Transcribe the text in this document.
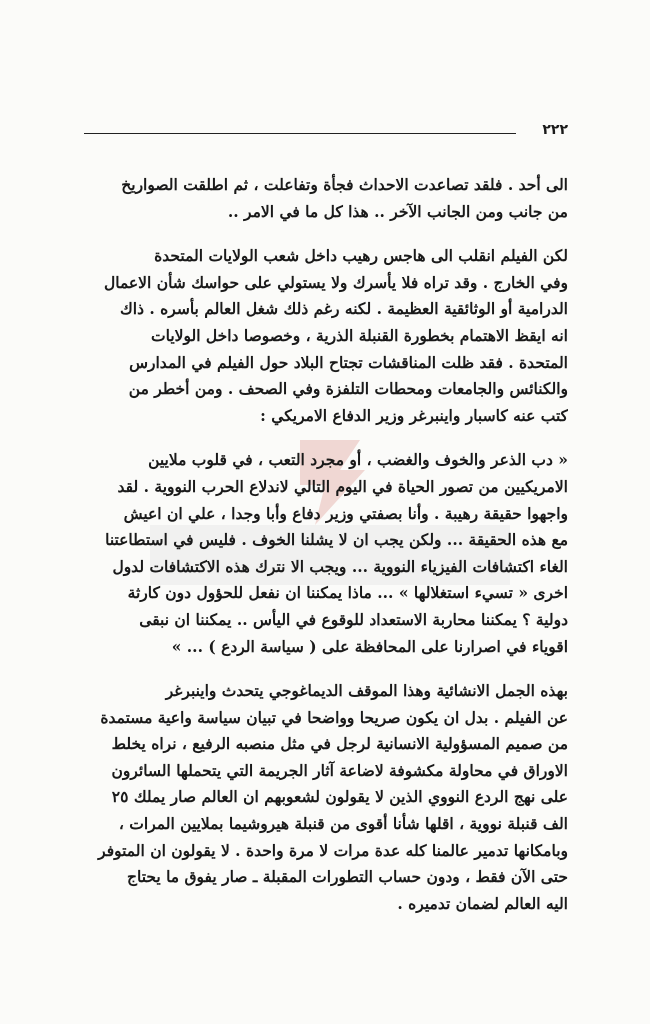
٢٢٢

الى أحد . فلقد تصاعدت الاحداث فجأة وتفاعلت ، ثم اطلقت الصواريخ
من جانب ومن الجانب الآخر .. هذا كل ما في الامر ..

لكن الفيلم انقلب الى هاجس رهيب داخل شعب الولايات المتحدة
وفي الخارج . وقد تراه فلا يأسرك ولا يستولي على حواسك شأن الاعمال
الدرامية أو الوثائقية العظيمة . لكنه رغم ذلك شغل العالم بأسره . ذاك
انه ايقظ الاهتمام بخطورة القنبلة الذرية ، وخصوصا داخل الولايات
المتحدة . فقد ظلت المناقشات تجتاح البلاد حول الفيلم في المدارس
والكنائس والجامعات ومحطات التلفزة وفي الصحف . ومن أخطر من
كتب عنه كاسبار واينبرغر وزير الدفاع الامريكي :

« دب الذعر والخوف والغضب ، أو مجرد التعب ، في قلوب ملايين
الامريكيين من تصور الحياة في اليوم التالي لاندلاع الحرب النووية . لقد
واجهوا حقيقة رهيبة . وأنا بصفتي وزير دفاع وأبا وجدا ، علي ان اعيش
مع هذه الحقيقة ... ولكن يجب ان لا يشلنا الخوف . فليس في استطاعتنا
الغاء اكتشافات الفيزياء النووية ... ويجب الا نترك هذه الاكتشافات لدول
اخرى « تسيء استغلالها » ... ماذا يمكننا ان نفعل للحؤول دون كارثة
دولية ؟ يمكننا محاربة الاستعداد للوقوع في اليأس .. يمكننا ان نبقى
اقوياء في اصرارنا على المحافظة على ( سياسة الردع ) ... »

بهذه الجمل الانشائية وهذا الموقف الديماغوجي يتحدث واينبرغر
عن الفيلم . بدل ان يكون صريحا وواضحا في تبيان سياسة واعية مستمدة
من صميم المسؤولية الانسانية لرجل في مثل منصبه الرفيع ، نراه يخلط
الاوراق في محاولة مكشوفة لاضاعة آثار الجريمة التي يتحملها السائرون
على نهج الردع النووي الذين لا يقولون لشعوبهم ان العالم صار يملك ٢٥
الف قنبلة نووية ، اقلها شأنا أقوى من قنبلة هيروشيما بملايين المرات ،
وبامكانها تدمير عالمنا كله عدة مرات لا مرة واحدة . لا يقولون ان المتوفر
حتى الآن فقط ، ودون حساب التطورات المقبلة ـ صار يفوق ما يحتاج
اليه العالم لضمان تدميره .
